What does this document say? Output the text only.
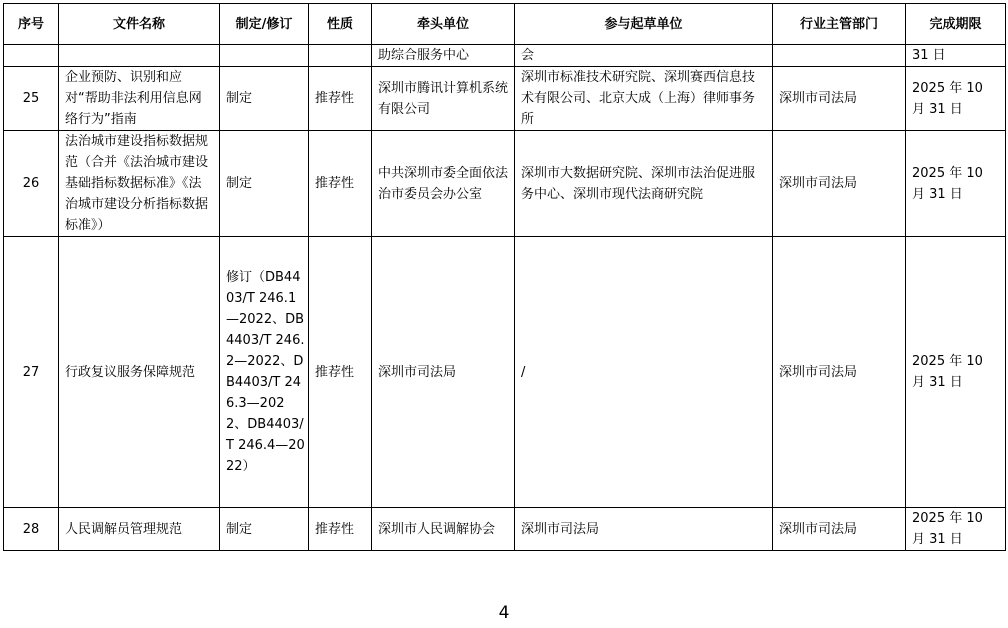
序号	文件名称	制定/修订	性质	牵头单位	参与起草单位	行业主管部门	完成期限
				助综合服务中心	会		31 日
25	企业预防、识别和应对“帮助非法利用信息网络行为”指南	制定	推荐性	深圳市腾讯计算机系统有限公司	深圳市标准技术研究院、深圳赛西信息技术有限公司、北京大成（上海）律师事务所	深圳市司法局	2025 年 10 月 31 日
26	法治城市建设指标数据规范（合并《法治城市建设基础指标数据标准》《法治城市建设分析指标数据标准》）	制定	推荐性	中共深圳市委全面依法治市委员会办公室	深圳市大数据研究院、深圳市法治促进服务中心、深圳市现代法商研究院	深圳市司法局	2025 年 10 月 31 日
27	行政复议服务保障规范	修订（DB4403/T 246.1—2022、DB4403/T 246.2—2022、DB4403/T 246.3—2022、DB4403/T 246.4—2022）	推荐性	深圳市司法局	/	深圳市司法局	2025 年 10 月 31 日
28	人民调解员管理规范	制定	推荐性	深圳市人民调解协会	深圳市司法局	深圳市司法局	2025 年 10 月 31 日
4
